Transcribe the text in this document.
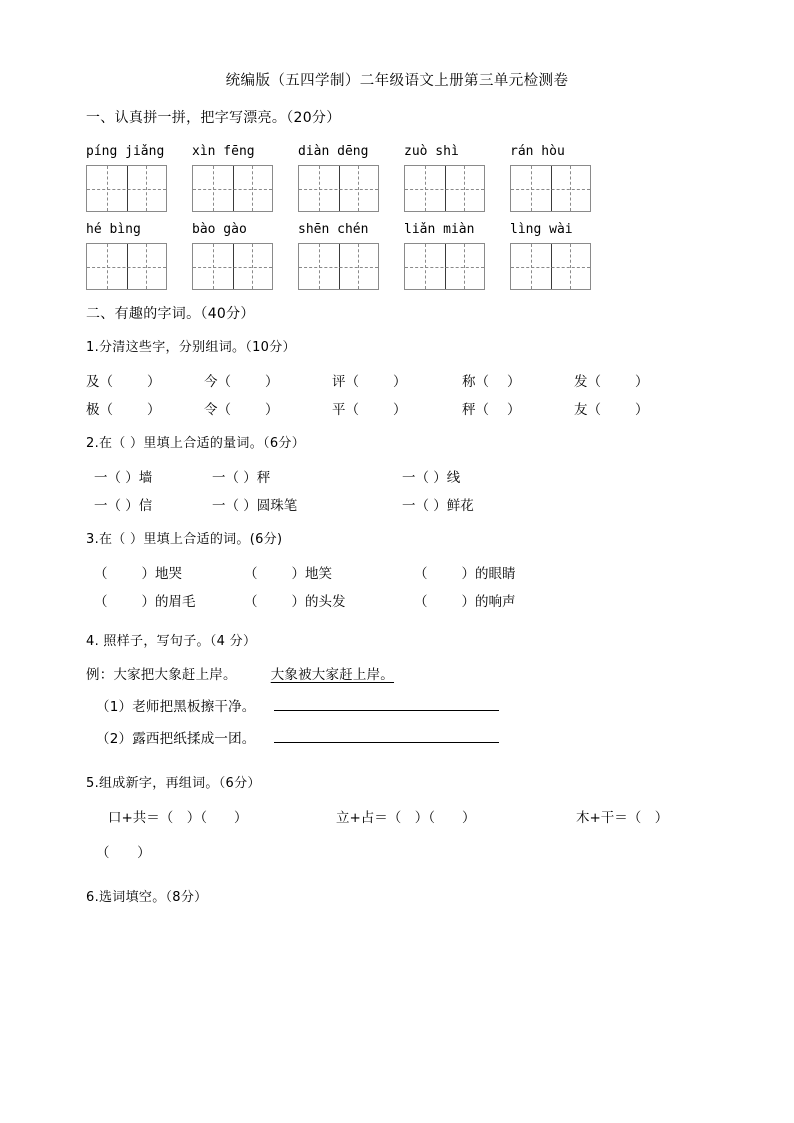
统编版（五四学制）二年级语文上册第三单元检测卷
一、认真拼一拼，把字写漂亮。（20分）
píng jiǎng	xìn fēng	diàn dēng	zuò shì	rán hòu
hé bìng	bào gào	shēn chén	liǎn miàn	lìng wài
二、有趣的字词。（40分）
1.分清这些字，分别组词。（10分）
及（	）	今（	）	评（	）	称（ ）	发（	）
极（	）	令（	）	平（	）	秤（ ）	友（	）
2.在（ ）里填上合适的量词。（6分）
一（ ）墙	一（ ）秤	一（ ）线
一（ ）信	一（ ）圆珠笔	一（ ）鲜花
3.在（ ）里填上合适的词。(6分)
（	）地哭	（	）地笑	（	）的眼睛
（	）的眉毛	（	）的头发	（	）的响声
4. 照样子，写句子。（4 分）
例：大家把大象赶上岸。	大象被大家赶上岸。
（1）老师把黑板擦干净。
（2）露西把纸揉成一团。
5.组成新字，再组词。（6分）
口+共＝（　）（　　）	立+占＝（　）（　　）	木+干＝（　）
（　　）
6.选词填空。（8分）
